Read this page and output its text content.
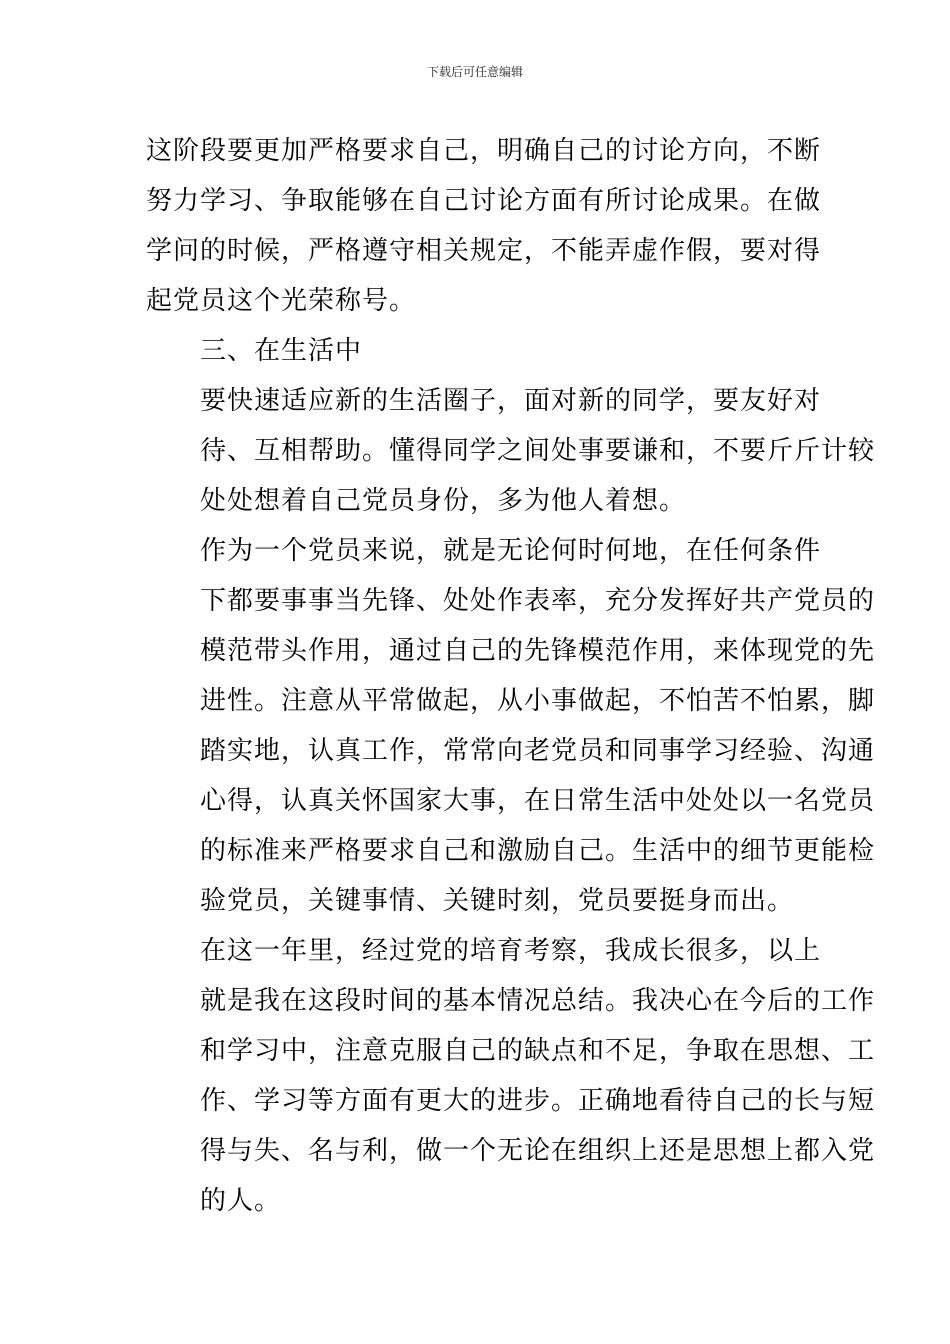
下载后可任意编辑

这阶段要更加严格要求自己，明确自己的讨论方向，不断
努力学习、争取能够在自己讨论方面有所讨论成果。在做
学问的时候，严格遵守相关规定，不能弄虚作假，要对得
起党员这个光荣称号。

三、在生活中

要快速适应新的生活圈子，面对新的同学，要友好对
待、互相帮助。懂得同学之间处事要谦和，不要斤斤计较
处处想着自己党员身份，多为他人着想。

作为一个党员来说，就是无论何时何地，在任何条件
下都要事事当先锋、处处作表率，充分发挥好共产党员的
模范带头作用，通过自己的先锋模范作用，来体现党的先
进性。注意从平常做起，从小事做起，不怕苦不怕累，脚
踏实地，认真工作，常常向老党员和同事学习经验、沟通
心得，认真关怀国家大事，在日常生活中处处以一名党员
的标准来严格要求自己和激励自己。生活中的细节更能检
验党员，关键事情、关键时刻，党员要挺身而出。

在这一年里，经过党的培育考察，我成长很多，以上
就是我在这段时间的基本情况总结。我决心在今后的工作
和学习中，注意克服自己的缺点和不足，争取在思想、工
作、学习等方面有更大的进步。正确地看待自己的长与短
得与失、名与利，做一个无论在组织上还是思想上都入党
的人。
